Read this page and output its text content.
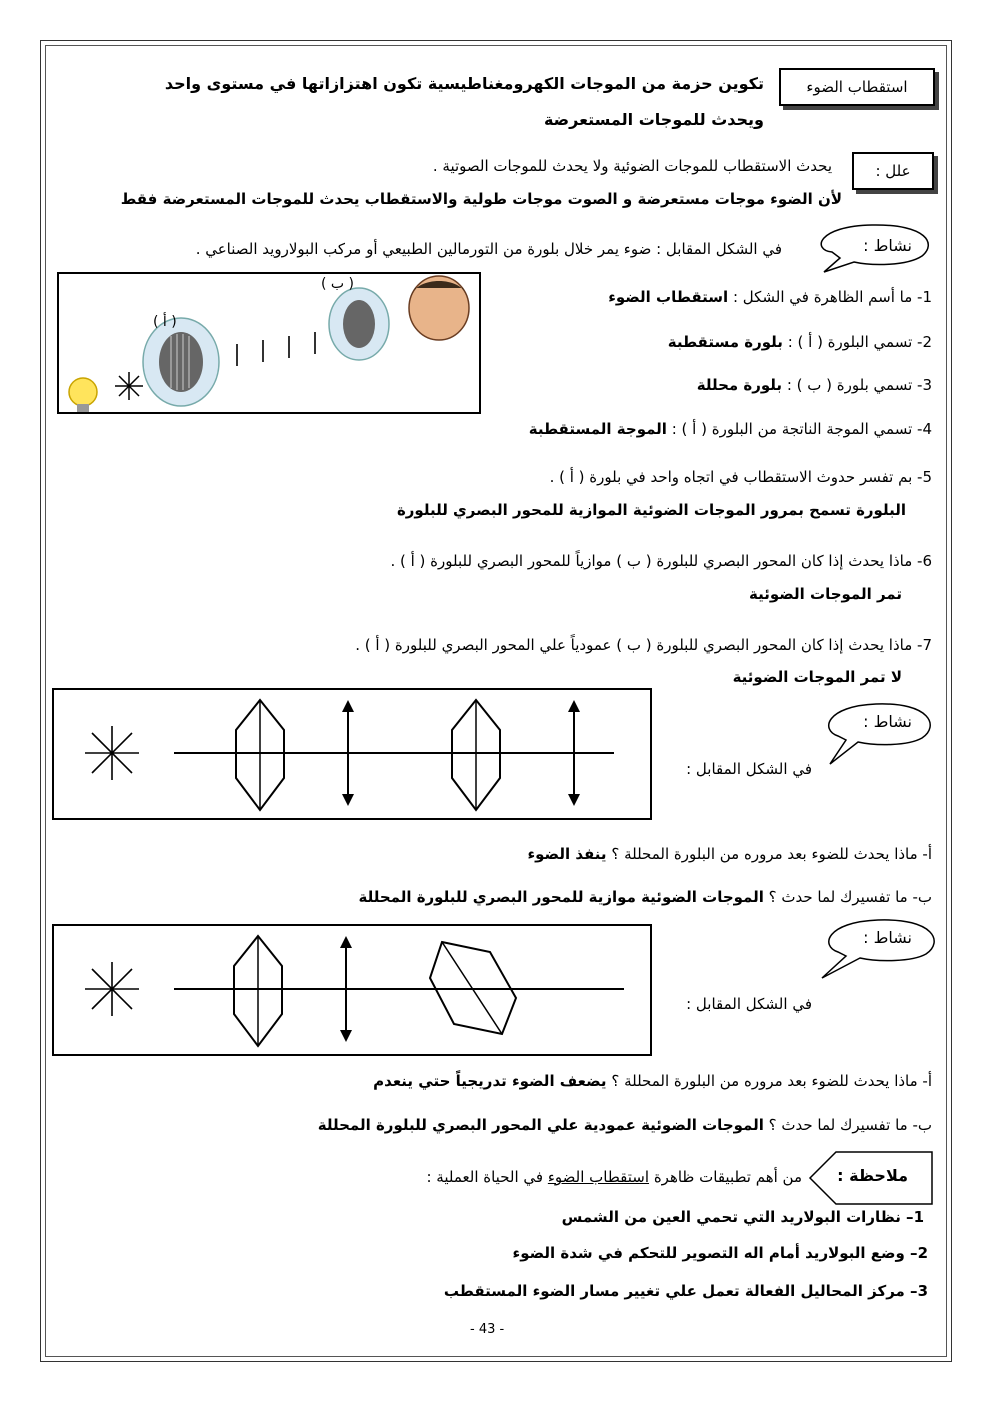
استقطاب الضوء
تكوين حزمة من الموجات الكهرومغناطيسية تكون اهتزازاتها في مستوى واحد
ويحدث للموجات المستعرضة
علل :
يحدث الاستقطاب للموجات الضوئية ولا يحدث للموجات الصوتية .
لأن الضوء موجات مستعرضة و الصوت موجات طولية والاستقطاب يحدث للموجات المستعرضة فقط
نشاط :
في الشكل المقابل : ضوء يمر خلال بلورة من التورمالين الطبيعي أو مركب البولارويد الصناعي .
( أ )
( ب )
1- ما أسم الظاهرة في الشكل : استقطاب الضوء
2- تسمي البلورة ( أ ) : بلورة مستقطبة
3- تسمي بلورة ( ب ) : بلورة محللة
4- تسمي الموجة الناتجة من البلورة ( أ ) : الموجة المستقطبة
5- بم تفسر حدوث الاستقطاب في اتجاه واحد في بلورة ( أ ) .
البلورة تسمح بمرور الموجات الضوئية الموازية للمحور البصري للبلورة
6- ماذا يحدث إذا كان المحور البصري للبلورة ( ب ) موازياً للمحور البصري للبلورة ( أ ) .
تمر الموجات الضوئية
7- ماذا يحدث إذا كان المحور البصري للبلورة ( ب ) عمودياً علي المحور البصري للبلورة ( أ ) .
لا تمر الموجات الضوئية
نشاط :
في الشكل المقابل :
أ- ماذا يحدث للضوء بعد مروره من البلورة المحللة ؟ ينفذ الضوء
ب- ما تفسيرك لما حدث ؟ الموجات الضوئية موازية للمحور البصري للبلورة المحللة
نشاط :
في الشكل المقابل :
أ- ماذا يحدث للضوء بعد مروره من البلورة المحللة ؟ يضعف الضوء تدريجياً حتي ينعدم
ب- ما تفسيرك لما حدث ؟ الموجات الضوئية عمودية علي المحور البصري للبلورة المحللة
ملاحظة :
من أهم تطبيقات ظاهرة استقطاب الضوء في الحياة العملية :
1– نظارات البولاريد التي تحمي العين من الشمس
2– وضع البولاريد أمام اله التصوير للتحكم في شدة الضوء
3– مركز المحاليل الفعالة تعمل علي تغيير مسار الضوء المستقطب
- 43 -
